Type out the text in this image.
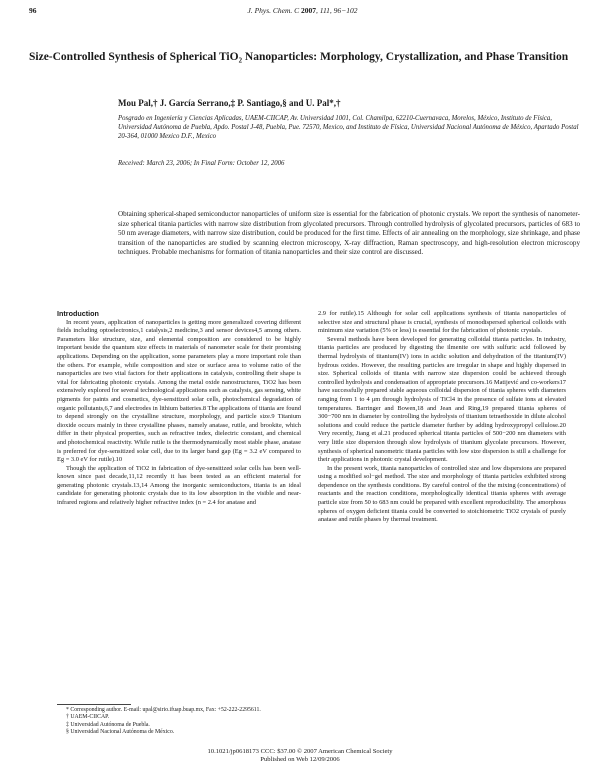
96	J. Phys. Chem. C 2007, 111, 96−102
Size-Controlled Synthesis of Spherical TiO₂ Nanoparticles: Morphology, Crystallization, and Phase Transition
Mou Pal,† J. García Serrano,‡ P. Santiago,§ and U. Pal*,†
Posgrado en Ingeniería y Ciencias Aplicadas, UAEM-CIICAP, Av. Universidad 1001, Col. Chamilpa, 62210-Cuernavaca, Morelos, México, Instituto de Física, Universidad Autónoma de Puebla, Apdo. Postal J-48, Puebla, Pue. 72570, Mexico, and Instituto de Física, Universidad Nacional Autónoma de México, Apartado Postal 20-364, 01000 Mexico D.F., Mexico
Received: March 23, 2006; In Final Form: October 12, 2006
Obtaining spherical-shaped semiconductor nanoparticles of uniform size is essential for the fabrication of photonic crystals. We report the synthesis of nanometer-size spherical titania particles with narrow size distribution from glycolated precursors. Through controlled hydrolysis of glycolated precursors, particles of 683 to 50 nm average diameters, with narrow size distribution, could be produced for the first time. Effects of air annealing on the morphology, size shrinkage, and phase transition of the nanoparticles are studied by scanning electron microscopy, X-ray diffraction, Raman spectroscopy, and high-resolution electron microscopy techniques. Probable mechanisms for formation of titania nanoparticles and their size control are discussed.

Introduction

In recent years, application of nanoparticles is getting more generalized covering different fields including optoelectronics,1 catalysis,2 medicine,3 and sensor devices4,5 among others. Parameters like structure, size, and elemental composition are considered to be highly important beside the quantum size effects in materials of nanometer scale for their promising applications. Depending on the application, some parameters play a more important role than the others. For example, while composition and size or surface area to volume ratio of the nanoparticles are two vital factors for their applications in catalysis, controlling their shape is vital for fabricating photonic crystals. Among the metal oxide nanostructures, TiO2 has been extensively explored for several technological applications such as catalysis, gas sensing, white pigments for paints and cosmetics, dye-sensitized solar cells, photochemical degradation of organic pollutants,6,7 and electrodes in lithium batteries.8 The applications of titania are found to depend strongly on the crystalline structure, morphology, and particle size.9 Titanium dioxide occurs mainly in three crystalline phases, namely anatase, rutile, and brookite, which differ in their physical properties, such as refractive index, dielectric constant, and chemical and photochemical reactivity. While rutile is the thermodynamically most stable phase, anatase is preferred for dye-sensitized solar cell, due to its larger band gap (Eg = 3.2 eV compared to Eg = 3.0 eV for rutile).10

Though the application of TiO2 in fabrication of dye-sensitized solar cells has been well-known since past decade,11,12 recently it has been tested as an efficient material for generating photonic crystals.13,14 Among the inorganic semiconductors, titania is an ideal candidate for generating photonic crystals due to its low absorption in the visible and near-infrared regions and relatively higher refractive index (n = 2.4 for anatase and

* Corresponding author. E-mail: upal@sirio.ifuap.buap.mx, Fax: +52-222-2295611.
† UAEM-CIICAP.
‡ Universidad Autónoma de Puebla.
§ Universidad Nacional Autónoma de México.

2.9 for rutile).15 Although for solar cell applications synthesis of titania nanoparticles of selective size and structural phase is crucial, synthesis of monodispersed spherical colloids with minimum size variation (5% or less) is essential for the fabrication of photonic crystals.

Several methods have been developed for generating colloidal titania particles. In industry, titania particles are produced by digesting the ilmenite ore with sulfuric acid followed by thermal hydrolysis of titanium(IV) ions in acidic solution and dehydration of the titanium(IV) hydrous oxides. However, the resulting particles are irregular in shape and highly dispersed in size. Spherical colloids of titania with narrow size dispersion could be achieved through controlled hydrolysis and condensation of appropriate precursors.16 Matijević and co-workers17 have successfully prepared stable aqueous colloidal dispersion of titania spheres with diameters ranging from 1 to 4 μm through hydrolysis of TiCl4 in the presence of sulfate ions at elevated temperatures. Barringer and Bowen,18 and Jean and Ring,19 prepared titania spheres of 300−700 nm in diameter by controlling the hydrolysis of titanium tetraethoxide in dilute alcohol solutions and could reduce the particle diameter further by adding hydroxypropyl cellulose.20 Very recently, Jiang et al.21 produced spherical titania particles of 500−200 nm diameters with very little size dispersion through slow hydrolysis of titanium glycolate precursors. However, synthesis of spherical nanometric titania particles with low size dispersion is still a challenge for their applications in photonic crystal development.

In the present work, titania nanoparticles of controlled size and low dispersions are prepared using a modified sol−gel method. The size and morphology of titania particles exhibited strong dependence on the synthesis conditions. By careful control of the the mixing (concentrations) of reactants and the reaction conditions, morphologically identical titania spheres with average particle size from 50 to 683 nm could be prepared with excellent reproducibility. The amorphous spheres of oxygen deficient titania could be converted to stoichiometric TiO2 crystals of purely anatase and rutile phases by thermal treatment.

10.1021/jp0618173 CCC: $37.00 © 2007 American Chemical Society
Published on Web 12/09/2006
